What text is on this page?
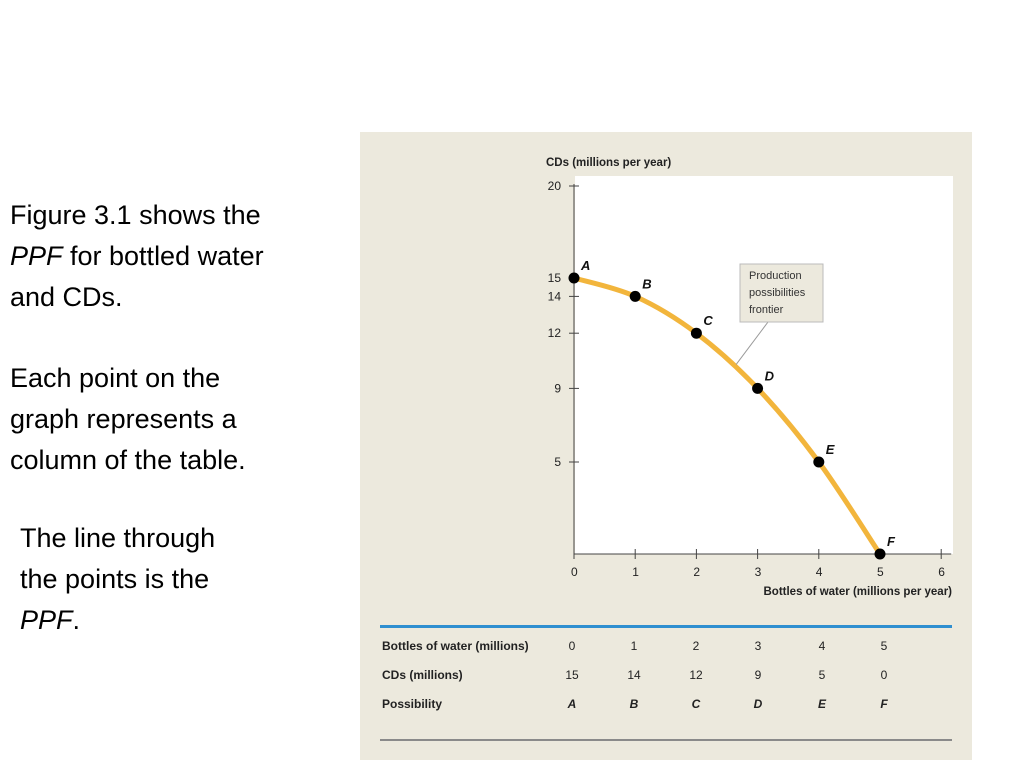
Figure 3.1 shows the
PPF for bottled water
and CDs.
Each point on the
graph represents a
column of the table.
The line through
the points is the
PPF.
0	1	2	3	4	5	6
5
9
12
14
15
20
Production
possibilities
frontier
A
B
C
D
E
F
CDs (millions per year)
Bottles of water (millions per year)
Bottles of water (millions)	0	1	2	3	4	5
CDs (millions)	15	14	12	9	5	0
Possibility	A	B	C	D	E	F
